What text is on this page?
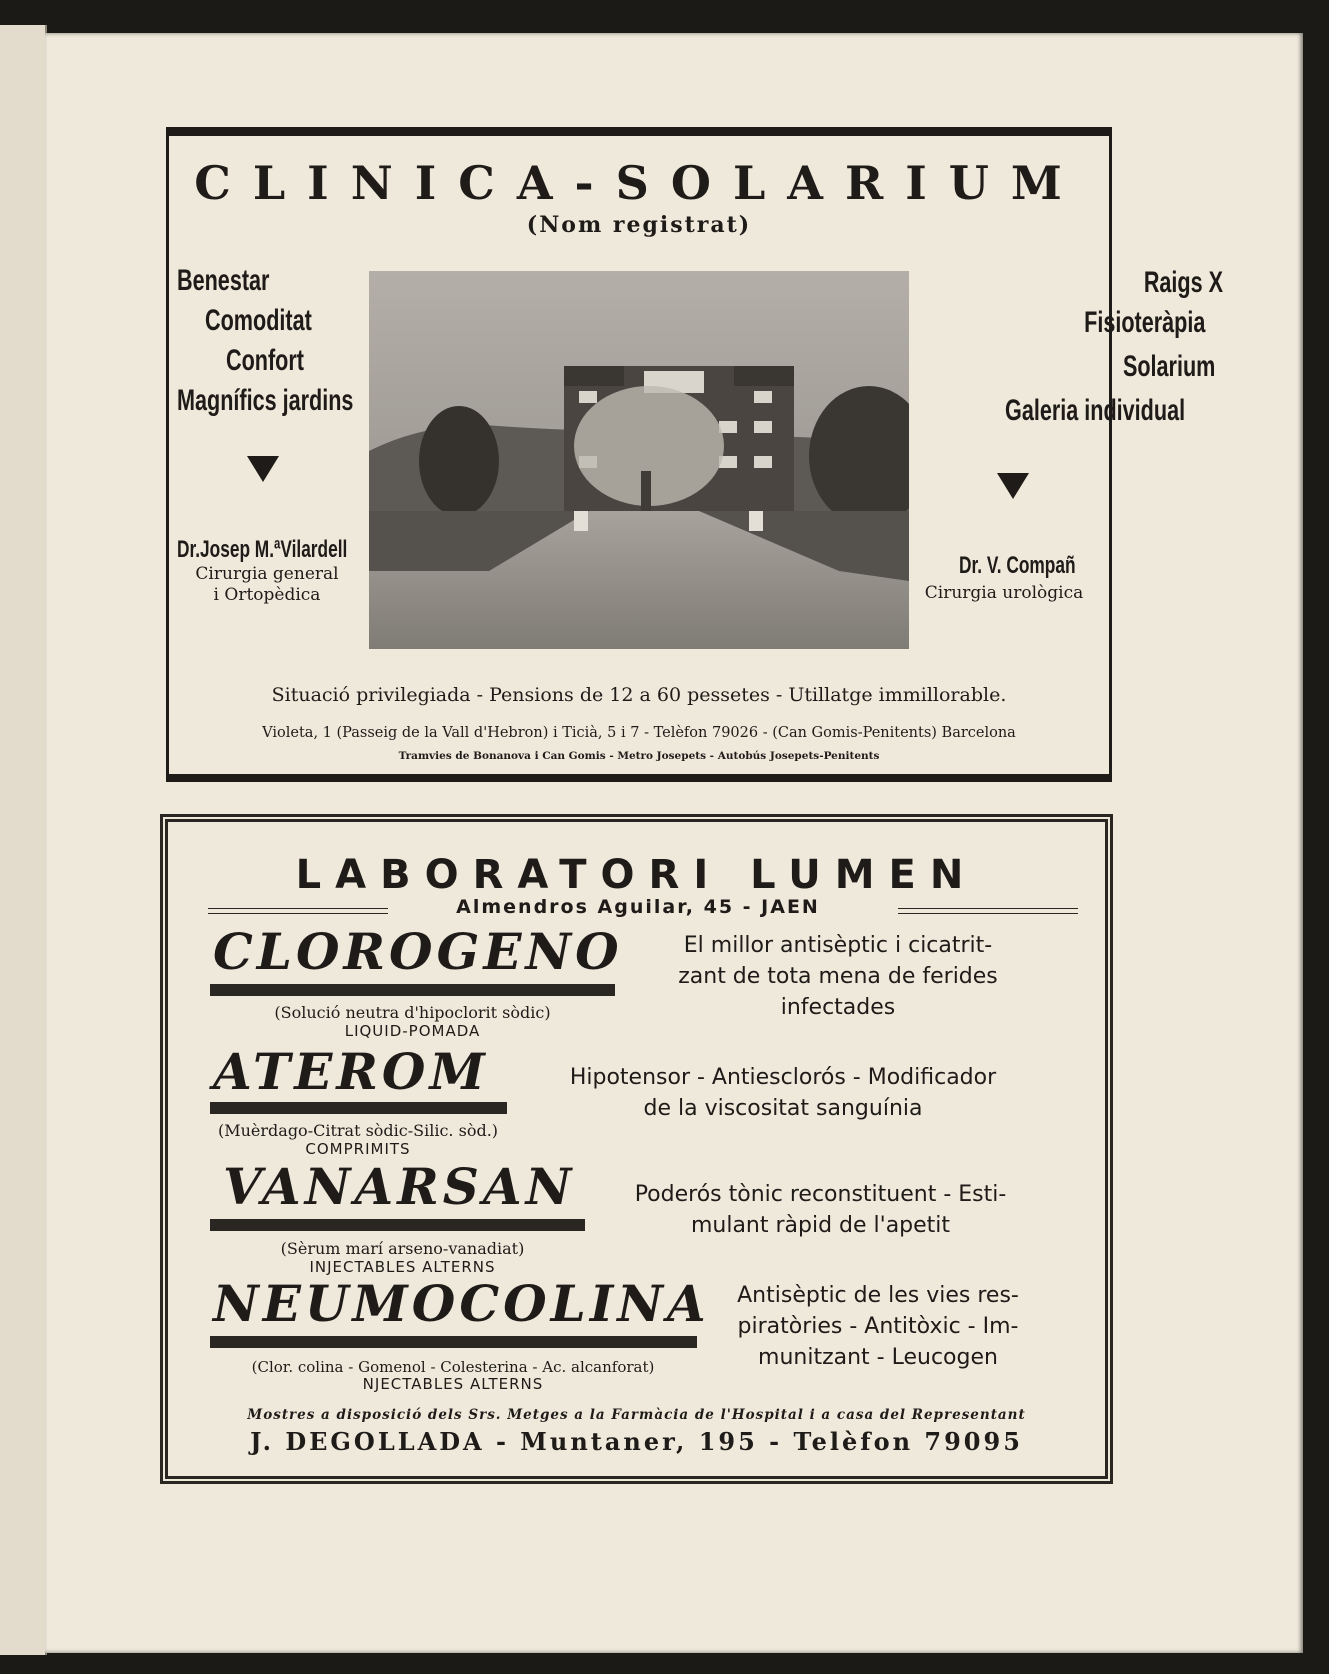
CLINICA-SOLARIUM
(Nom registrat)
Benestar
Comoditat
Confort
Magnífics jardins
Dr.Josep M.ªVilardell
Cirurgia general
i Ortopèdica
Raigs X
Fisioteràpia
Solarium
Galeria individual
Dr. V. Compañ
Cirurgia urològica
Situació privilegiada - Pensions de 12 a 60 pessetes - Utillatge immillorable.
Violeta, 1 (Passeig de la Vall d'Hebron) i Ticià, 5 i 7 - Telèfon 79026 - (Can Gomis-Penitents) Barcelona
Tramvies de Bonanova i Can Gomis - Metro Josepets - Autobús Josepets-Penitents
LABORATORI LUMEN
Almendros Aguilar, 45 - JAEN
CLOROGENO
(Solució neutra d'hipoclorit sòdic)
LIQUID-POMADA
El millor antisèptic i cicatrit-
zant de tota mena de ferides
infectades
ATEROM
(Muèrdago-Citrat sòdic-Silic. sòd.)
COMPRIMITS
Hipotensor - Antiesclorós - Modificador
de la viscositat sanguínia
VANARSAN
(Sèrum marí arseno-vanadiat)
INJECTABLES ALTERNS
Poderós tònic reconstituent - Esti-
mulant ràpid de l'apetit
NEUMOCOLINA
(Clor. colina - Gomenol - Colesterina - Ac. alcanforat)
NJECTABLES ALTERNS
Antisèptic de les vies res-
piratòries - Antitòxic - Im-
munitzant - Leucogen
Mostres a disposició dels Srs. Metges a la Farmàcia de l'Hospital i a casa del Representant
J. DEGOLLADA - Muntaner, 195 - Telèfon 79095
